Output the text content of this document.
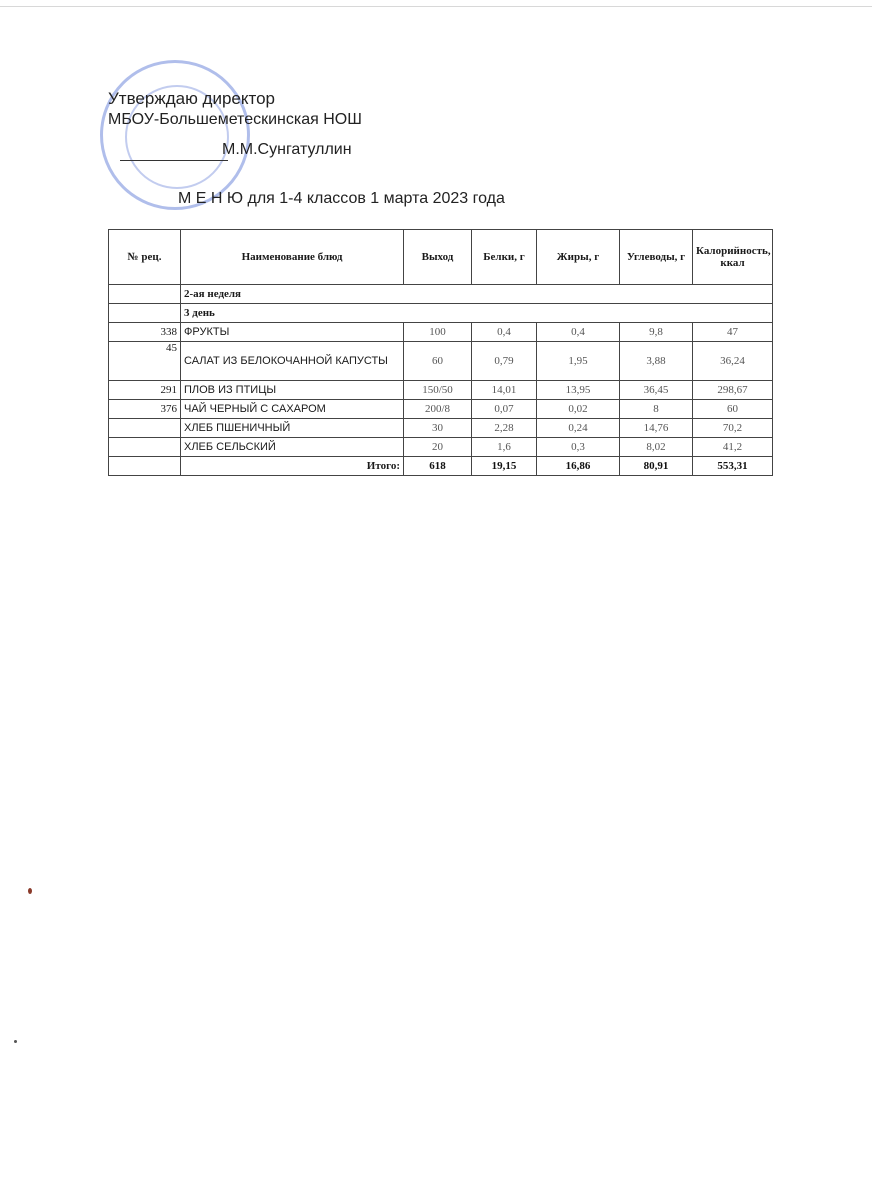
Утверждаю директор
МБОУ-Большеметескинская НОШ
М.М.Сунгатуллин
М Е Н Ю для 1-4 классов 1 марта 2023 года
№ рец.	Наименование блюд	Выход	Белки, г	Жиры, г	Углеводы, г	Калорийность, ккал
	2-ая неделя					
	3 день					
338	ФРУКТЫ	100	0,4	0,4	9,8	47
45	САЛАТ ИЗ БЕЛОКОЧАННОЙ КАПУСТЫ	60	0,79	1,95	3,88	36,24
291	ПЛОВ ИЗ ПТИЦЫ	150/50	14,01	13,95	36,45	298,67
376	ЧАЙ ЧЕРНЫЙ С САХАРОМ	200/8	0,07	0,02	8	60
	ХЛЕБ ПШЕНИЧНЫЙ	30	2,28	0,24	14,76	70,2
	ХЛЕБ СЕЛЬСКИЙ	20	1,6	0,3	8,02	41,2
	Итого:	618	19,15	16,86	80,91	553,31
